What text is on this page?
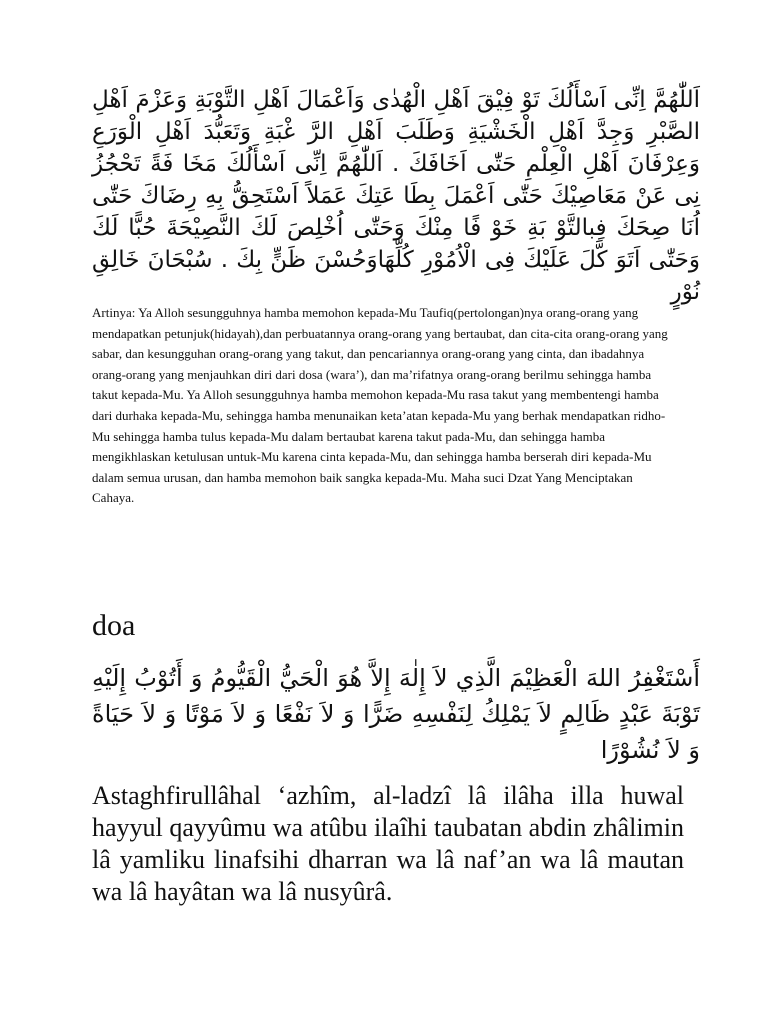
اَللّٰهُمَّ اِنِّى اَسْأَلُكَ تَوْ فِيْقَ اَهْلِ الْهُدٰى وَاَعْمَالَ اَهْلِ التَّوْبَةِ وَعَزْمَ اَهْلِ الصَّبْرِ وَجِدَّ اَهْلِ الْخَشْيَةِ وَطَلَبَ اَهْلِ الرَّ غْبَةِ وَتَعَبُّدَ اَهْلِ الْوَرَعِ وَعِرْفَانَ اَهْلِ الْعِلْمِ حَتّٰى اَخَافَكَ . اَللّٰهُمَّ اِنِّى اَسْأَلُكَ مَخَا فَةً تَحْجُزُ نِى عَنْ مَعَاصِيْكَ حَتّٰى اَعْمَلَ بِطَا عَتِكَ عَمَلاً اَسْتَحِقُّ بِهِ رِضَاكَ حَتّٰى اُنَا صِحَكَ فِبالتَّوْ بَةِ خَوْ فًا مِنْكَ وَحَتّٰى اُخْلِصَ لَكَ النَّصِيْحَةَ حُبًّا لَكَ وَحَتّٰى اَتَوَ كَّلَ عَلَيْكَ فِى الْاُمُوْرِ كُلِّهَاوَحُسْنَ ظَنٍّ بِكَ . سُبْحَانَ خَالِقِ نُوْرٍ
Artinya: Ya Alloh sesungguhnya hamba memohon kepada-Mu Taufiq(pertolongan)nya orang-orang yang mendapatkan petunjuk(hidayah),dan perbuatannya orang-orang yang bertaubat, dan cita-cita orang-orang yang sabar, dan kesungguhan orang-orang yang takut, dan pencariannya orang-orang yang cinta, dan ibadahnya orang-orang yang menjauhkan diri dari dosa (wara’), dan ma’rifatnya orang-orang berilmu sehingga hamba takut kepada-Mu. Ya Alloh sesungguhnya hamba memohon kepada-Mu rasa takut yang membentengi hamba dari durhaka kepada-Mu, sehingga hamba menunaikan keta’atan kepada-Mu yang berhak mendapatkan ridho-Mu sehingga hamba tulus kepada-Mu dalam bertaubat karena takut pada-Mu, dan sehingga hamba mengikhlaskan ketulusan untuk-Mu karena cinta kepada-Mu, dan sehingga hamba berserah diri kepada-Mu dalam semua urusan, dan hamba memohon baik sangka kepada-Mu. Maha suci Dzat Yang Menciptakan Cahaya.
doa
أَسْتَغْفِرُ اللهَ الْعَظِيْمَ الَّذِي لاَ إِلٰهَ إِلاَّ هُوَ الْحَيُّ الْقَيُّومُ وَ أَتُوْبُ إِلَيْهِ تَوْبَةَ عَبْدٍ ظَالِمٍ لاَ يَمْلِكُ لِنَفْسِهِ ضَرًّا وَ لاَ نَفْعًا وَ لاَ مَوْتًا وَ لاَ حَيَاةً وَ لاَ نُشُوْرًا
Astaghfirullâhal ‘azhîm, al-ladzî lâ ilâha illa huwal hayyul qayyûmu wa atûbu ilaîhi taubatan abdin zhâlimin lâ yamliku linafsihi dharran wa lâ naf’an wa lâ mautan wa lâ hayâtan wa lâ nusyûrâ.
